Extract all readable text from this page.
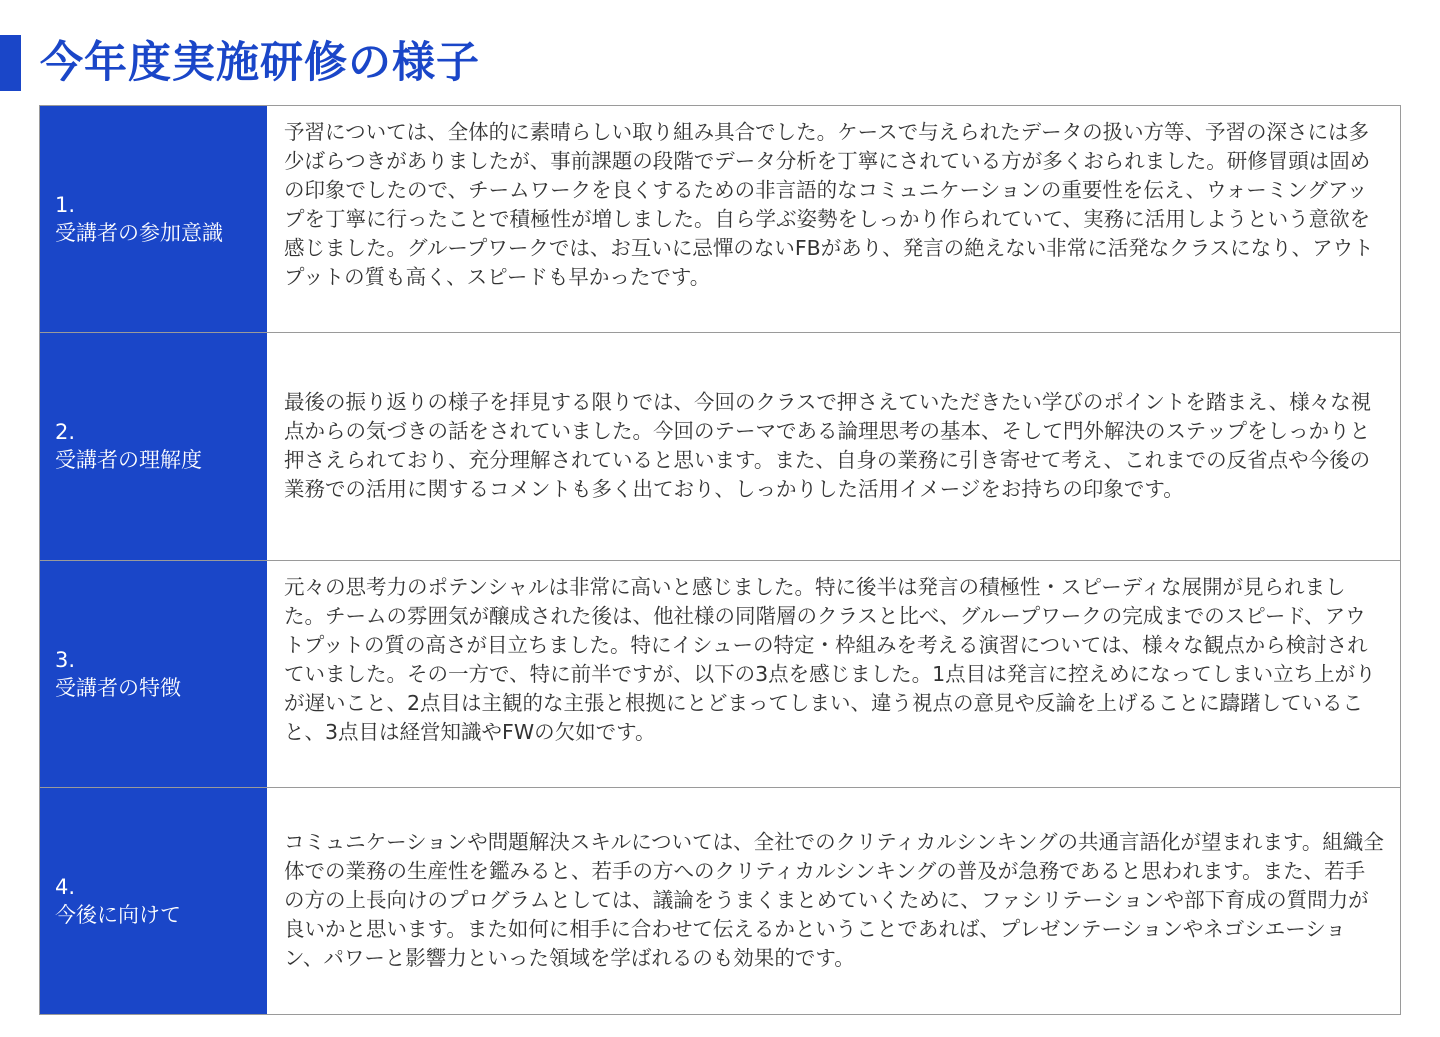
今年度実施研修の様子
1.
受講者の参加意識
予習については、全体的に素晴らしい取り組み具合でした。ケースで与えられたデータの扱い方等、予習の深さには多少ばらつきがありましたが、事前課題の段階でデータ分析を丁寧にされている方が多くおられました。研修冒頭は固めの印象でしたので、チームワークを良くするための非言語的なコミュニケーションの重要性を伝え、ウォーミングアップを丁寧に行ったことで積極性が増しました。自ら学ぶ姿勢をしっかり作られていて、実務に活用しようという意欲を感じました。グループワークでは、お互いに忌憚のないFBがあり、発言の絶えない非常に活発なクラスになり、アウトプットの質も高く、スピードも早かったです。
2.
受講者の理解度
最後の振り返りの様子を拝見する限りでは、今回のクラスで押さえていただきたい学びのポイントを踏まえ、様々な視点からの気づきの話をされていました。今回のテーマである論理思考の基本、そして門外解決のステップをしっかりと押さえられており、充分理解されていると思います。また、自身の業務に引き寄せて考え、これまでの反省点や今後の業務での活用に関するコメントも多く出ており、しっかりした活用イメージをお持ちの印象です。
3.
受講者の特徴
元々の思考力のポテンシャルは非常に高いと感じました。特に後半は発言の積極性・スピーディな展開が見られました。チームの雰囲気が醸成された後は、他社様の同階層のクラスと比べ、グループワークの完成までのスピード、アウトプットの質の高さが目立ちました。特にイシューの特定・枠組みを考える演習については、様々な観点から検討されていました。その一方で、特に前半ですが、以下の3点を感じました。1点目は発言に控えめになってしまい立ち上がりが遅いこと、2点目は主観的な主張と根拠にとどまってしまい、違う視点の意見や反論を上げることに躊躇していること、3点目は経営知識やFWの欠如です。
4.
今後に向けて
コミュニケーションや問題解決スキルについては、全社でのクリティカルシンキングの共通言語化が望まれます。組織全体での業務の生産性を鑑みると、若手の方へのクリティカルシンキングの普及が急務であると思われます。また、若手の方の上長向けのプログラムとしては、議論をうまくまとめていくために、ファシリテーションや部下育成の質問力が良いかと思います。また如何に相手に合わせて伝えるかということであれば、プレゼンテーションやネゴシエーション、パワーと影響力といった領域を学ばれるのも効果的です。
